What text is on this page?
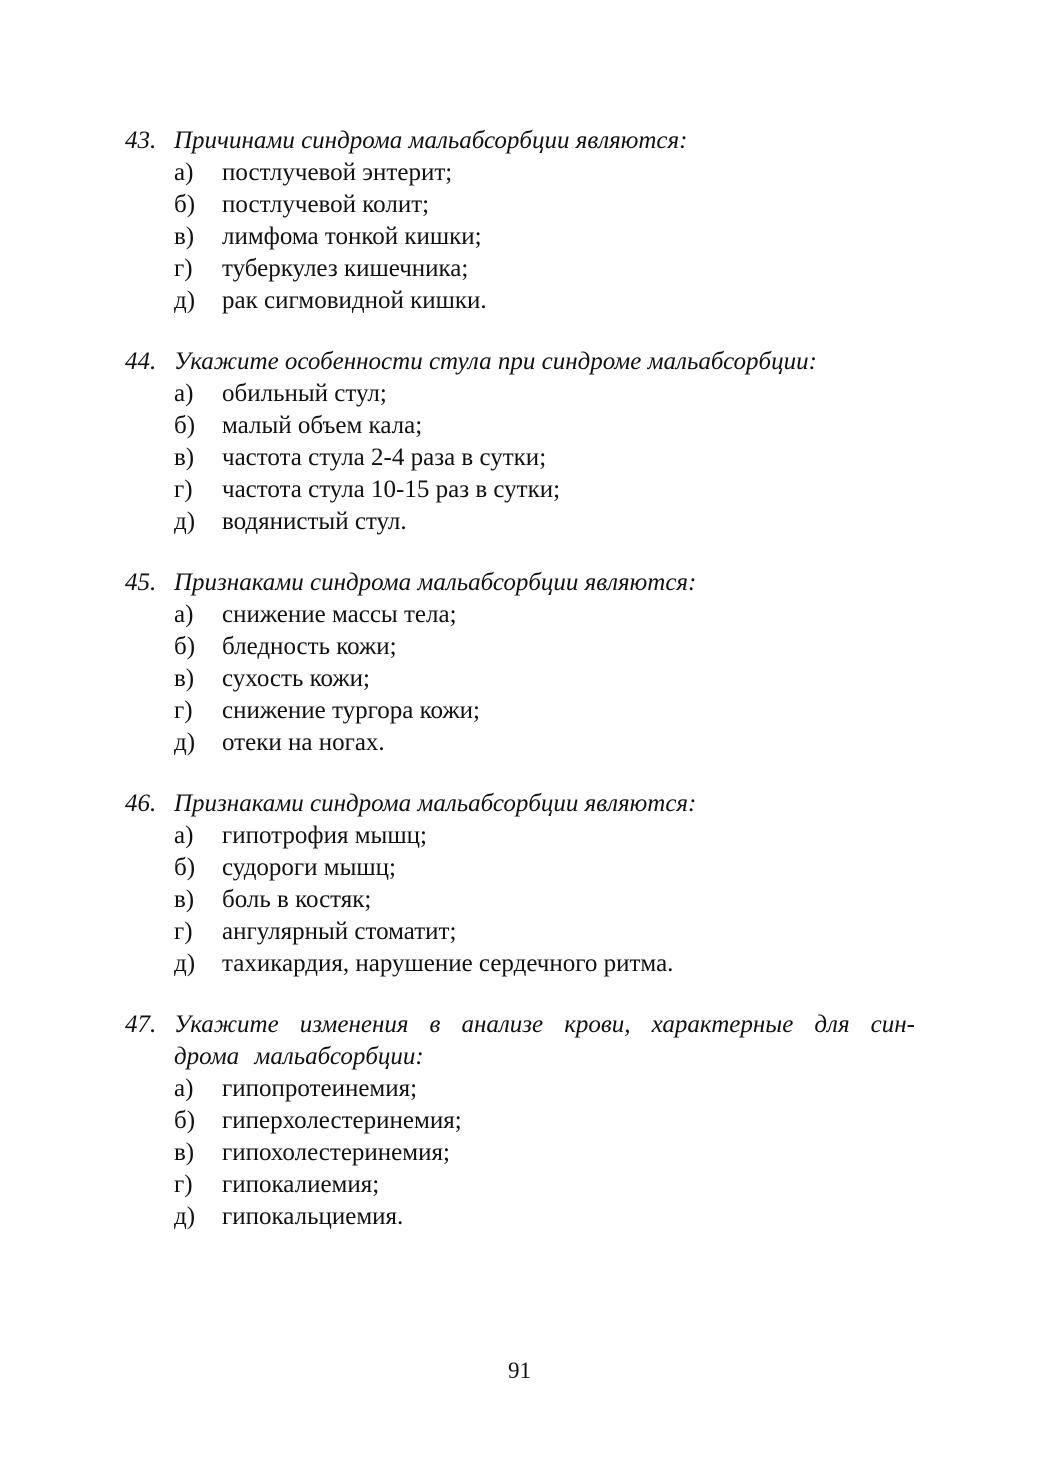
43. Причинами синдрома мальабсорбции являются:
а)	постлучевой энтерит;
б)	постлучевой колит;
в)	лимфома тонкой кишки;
г)	туберкулез кишечника;
д)	рак сигмовидной кишки.
44. Укажите особенности стула при синдроме мальабсорбции:
а)	обильный стул;
б)	малый объем кала;
в)	частота стула 2-4 раза в сутки;
г)	частота стула 10-15 раз в сутки;
д)	водянистый стул.
45. Признаками синдрома мальабсорбции являются:
а)	снижение массы тела;
б)	бледность кожи;
в)	сухость кожи;
г)	снижение тургора кожи;
д)	отеки на ногах.
46. Признаками синдрома мальабсорбции являются:
а)	гипотрофия мышц;
б)	судороги мышц;
в)	боль в костяк;
г)	ангулярный стоматит;
д)	тахикардия, нарушение сердечного ритма.
47. Укажите изменения в анализе крови, характерные для син-дрома мальабсорбции:
а)	гипопротеинемия;
б)	гиперхолестеринемия;
в)	гипохолестеринемия;
г)	гипокалиемия;
д)	гипокальциемия.
91
